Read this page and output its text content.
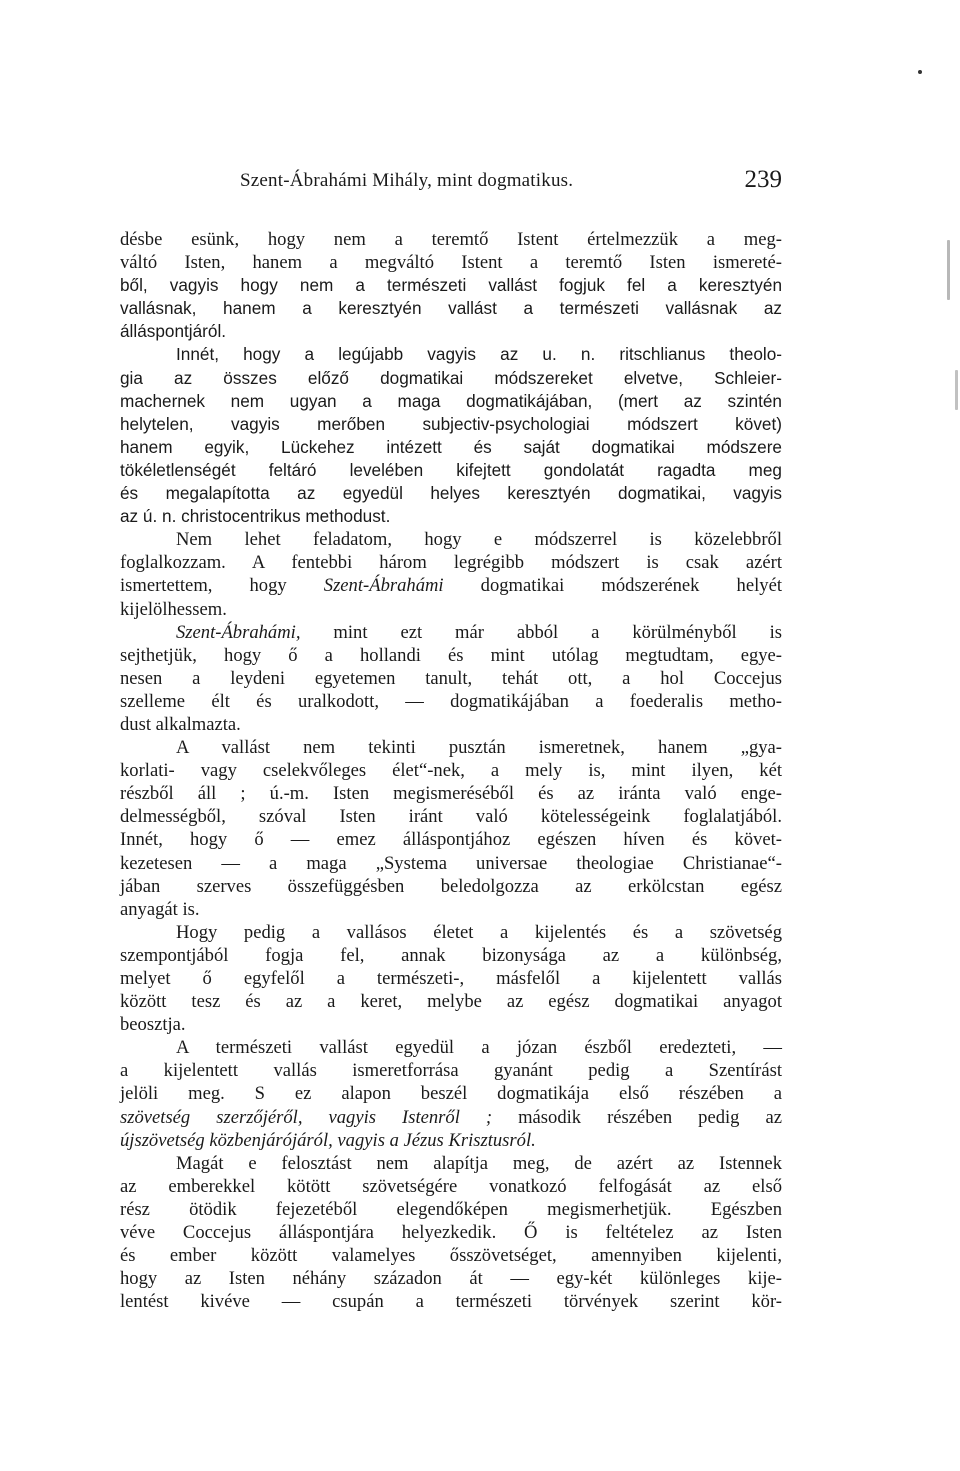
Szent-Ábrahámi Mihály, mint dogmatikus.	239
désbe esünk, hogy nem a teremtő Istent értelmezzük a meg-
váltó Isten, hanem a megváltó Istent a teremtő Isten ismereté-
ből, vagyis hogy nem a természeti vallást fogjuk fel a keresztyén
vallásnak, hanem a keresztyén vallást a természeti vallásnak az
álláspontjáról.
Innét, hogy a legújabb vagyis az u. n. ritschlianus theolo-
gia az összes előző dogmatikai módszereket elvetve, Schleier-
machernek nem ugyan a maga dogmatikájában, (mert az szintén
helytelen, vagyis merőben subjectiv-psychologiai módszert követ)
hanem egyik, Lückehez intézett és saját dogmatikai módszere
tökéletlenségét feltáró levelében kifejtett gondolatát ragadta meg
és megalapította az egyedül helyes keresztyén dogmatikai, vagyis
az ú. n. christocentrikus methodust.
Nem lehet feladatom, hogy e módszerrel is közelebbről
foglalkozzam. A fentebbi három legrégibb módszert is csak azért
ismertettem, hogy Szent-Ábrahámi dogmatikai módszerének helyét
kijelölhessem.
Szent-Ábrahámi, mint ezt már abból a körülményből is
sejthetjük, hogy ő a hollandi és mint utólag megtudtam, egye-
nesen a leydeni egyetemen tanult, tehát ott, a hol Coccejus
szelleme élt és uralkodott, — dogmatikájában a foederalis metho-
dust alkalmazta.
A vallást nem tekinti pusztán ismeretnek, hanem „gya-
korlati- vagy cselekvőleges élet“-nek, a mely is, mint ilyen, két
részből áll ; ú.-m. Isten megismeréséből és az iránta való enge-
delmességből, szóval Isten iránt való kötelességeink foglalatjából.
Innét, hogy ő — emez álláspontjához egészen híven és követ-
kezetesen — a maga „Systema universae theologiae Christianae“-
jában szerves összefüggésben beledolgozza az erkölcstan egész
anyagát is.
Hogy pedig a vallásos életet a kijelentés és a szövetség
szempontjából fogja fel, annak bizonysága az a különbség,
melyet ő egyfelől a természeti-, másfelől a kijelentett vallás
között tesz és az a keret, melybe az egész dogmatikai anyagot
beosztja.
A természeti vallást egyedül a józan észből eredezteti, —
a kijelentett vallás ismeretforrása gyanánt pedig a Szentírást
jelöli meg. S ez alapon beszél dogmatikája első részében a
szövetség szerzőjéről, vagyis Istenről ; második részében pedig az
újszövetség közbenjárójáról, vagyis a Jézus Krisztusról.
Magát e felosztást nem alapítja meg, de azért az Istennek
az emberekkel kötött szövetségére vonatkozó felfogását az első
rész ötödik fejezetéből elegendőképen megismerhetjük. Egészben
véve Coccejus álláspontjára helyezkedik. Ő is feltételez az Isten
és ember között valamelyes ősszövetséget, amennyiben kijelenti,
hogy az Isten néhány századon át — egy-két különleges kije-
lentést kivéve — csupán a természeti törvények szerint kör-
